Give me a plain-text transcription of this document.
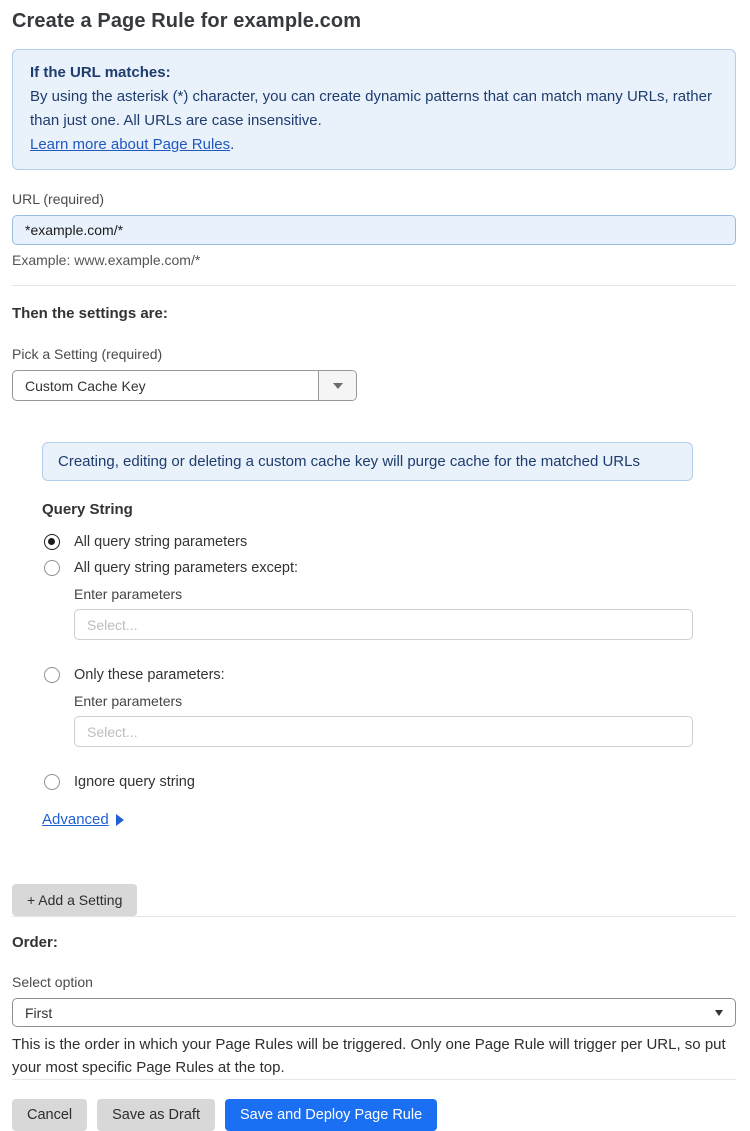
Create a Page Rule for example.com
If the URL matches:
By using the asterisk (*) character, you can create dynamic patterns that can match many URLs, rather than just one. All URLs are case insensitive.
Learn more about Page Rules.
URL (required)
*example.com/*
Example: www.example.com/*
Then the settings are:
Pick a Setting (required)
Custom Cache Key
Creating, editing or deleting a custom cache key will purge cache for the matched URLs
Query String
All query string parameters
All query string parameters except:
Enter parameters
Select...
Only these parameters:
Enter parameters
Select...
Ignore query string
Advanced
+ Add a Setting
Order:
Select option
First

This is the order in which your Page Rules will be triggered. Only one Page Rule will trigger per URL, so put your most specific Page Rules at the top.

Cancel	Save as Draft	Save and Deploy Page Rule
